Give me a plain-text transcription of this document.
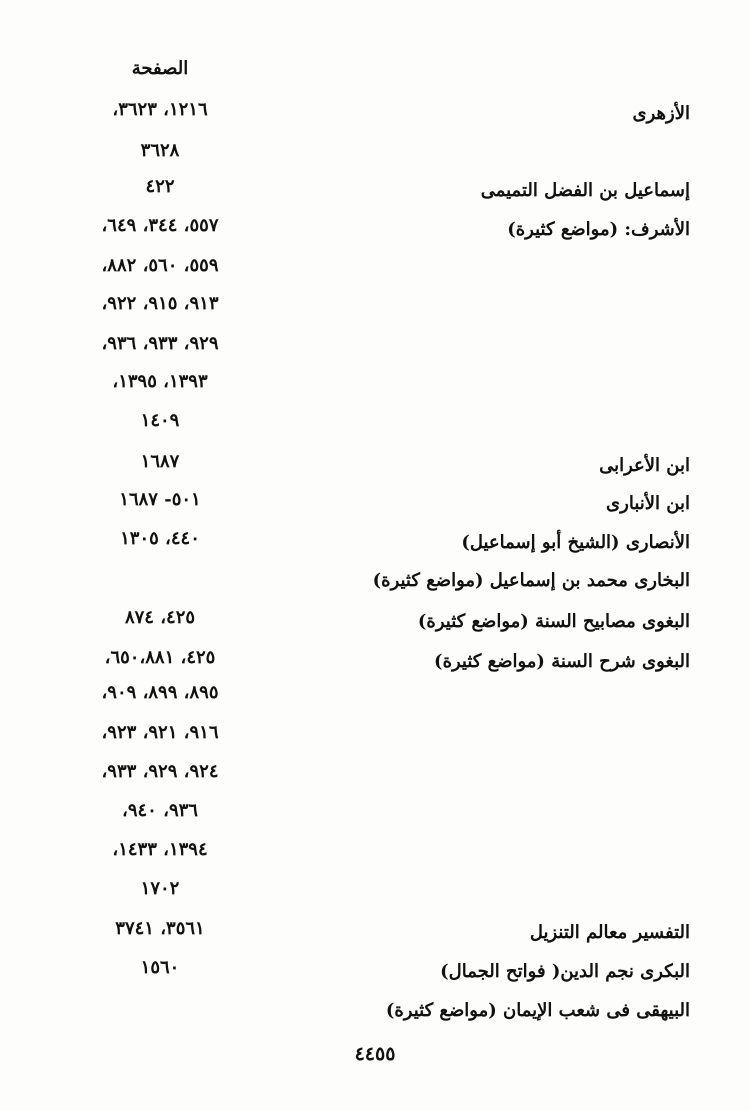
الصفحة
الأزهرى
١٢١٦، ٣٦٢٣،
٣٦٢٨
إسماعيل بن الفضل التميمى
٤٢٢
الأشرف: (مواضع كثيرة)
٥٥٧، ٣٤٤، ٦٤٩،
٥٥٩، ٥٦٠، ٨٨٢،
٩١٣، ٩١٥، ٩٢٢،
٩٢٩، ٩٣٣، ٩٣٦،
١٣٩٣، ١٣٩٥،
١٤٠٩
ابن الأعرابى
١٦٨٧
ابن الأنبارى
٥٠١- ١٦٨٧
الأنصارى (الشيخ أبو إسماعيل)
٤٤٠، ١٣٠٥
البخارى محمد بن إسماعيل (مواضع كثيرة)
البغوى مصابيح السنة (مواضع كثيرة)
٤٢٥، ٨٧٤
البغوى شرح السنة (مواضع كثيرة)
٤٢٥، ٦٥٠،٨٨١،
٨٩٥، ٨٩٩، ٩٠٩،
٩١٦، ٩٢١، ٩٢٣،
٩٢٤، ٩٢٩، ٩٣٣،
٩٣٦، ٩٤٠،
١٣٩٤، ١٤٣٣،
١٧٠٢
التفسير معالم التنزيل
٣٥٦١، ٣٧٤١
البكرى نجم الدين( فواتح الجمال)
١٥٦٠
البيهقى فى شعب الإيمان (مواضع كثيرة)
٤٤٥٥
